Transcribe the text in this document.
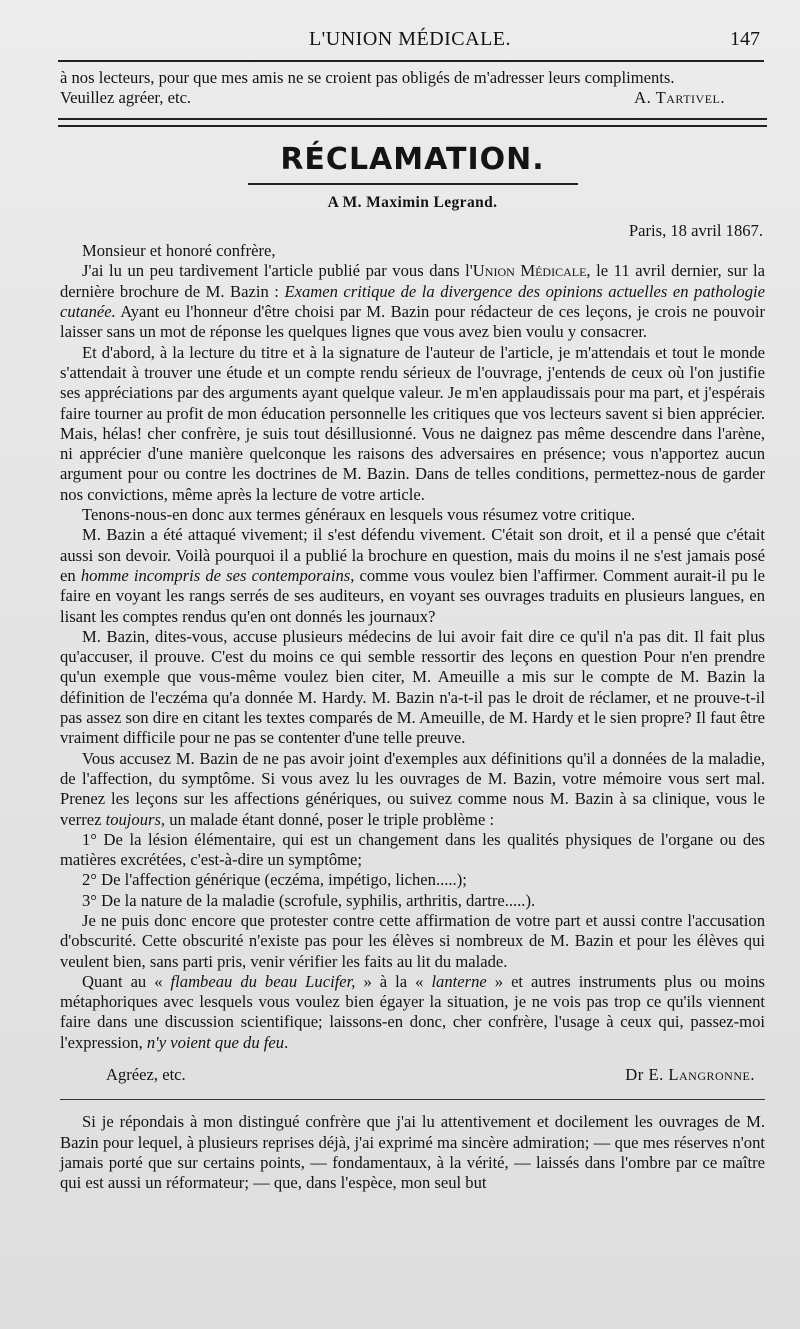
L'UNION MÉDICALE.	147

à nos lecteurs, pour que mes amis ne se croient pas obligés de m'adresser leurs compliments.

Veuillez agréer, etc.	A. Tartivel.
RÉCLAMATION.
A M. Maximin Legrand.
Paris, 18 avril 1867.

Monsieur et honoré confrère,

J'ai lu un peu tardivement l'article publié par vous dans l'Union Médicale, le 11 avril dernier, sur la dernière brochure de M. Bazin : Examen critique de la divergence des opinions actuelles en pathologie cutanée. Ayant eu l'honneur d'être choisi par M. Bazin pour rédacteur de ces leçons, je crois ne pouvoir laisser sans un mot de réponse les quelques lignes que vous avez bien voulu y consacrer.

Et d'abord, à la lecture du titre et à la signature de l'auteur de l'article, je m'attendais et tout le monde s'attendait à trouver une étude et un compte rendu sérieux de l'ouvrage, j'entends de ceux où l'on justifie ses appréciations par des arguments ayant quelque valeur. Je m'en applaudissais pour ma part, et j'espérais faire tourner au profit de mon éducation personnelle les critiques que vos lecteurs savent si bien apprécier. Mais, hélas! cher confrère, je suis tout désillusionné. Vous ne daignez pas même descendre dans l'arène, ni apprécier d'une manière quelconque les raisons des adversaires en présence; vous n'apportez aucun argument pour ou contre les doctrines de M. Bazin. Dans de telles conditions, permettez-nous de garder nos convictions, même après la lecture de votre article.

Tenons-nous-en donc aux termes généraux en lesquels vous résumez votre critique.

M. Bazin a été attaqué vivement; il s'est défendu vivement. C'était son droit, et il a pensé que c'était aussi son devoir. Voilà pourquoi il a publié la brochure en question, mais du moins il ne s'est jamais posé en homme incompris de ses contemporains, comme vous voulez bien l'affirmer. Comment aurait-il pu le faire en voyant les rangs serrés de ses auditeurs, en voyant ses ouvrages traduits en plusieurs langues, en lisant les comptes rendus qu'en ont donnés les journaux?

M. Bazin, dites-vous, accuse plusieurs médecins de lui avoir fait dire ce qu'il n'a pas dit. Il fait plus qu'accuser, il prouve. C'est du moins ce qui semble ressortir des leçons en question Pour n'en prendre qu'un exemple que vous-même voulez bien citer, M. Ameuille a mis sur le compte de M. Bazin la définition de l'eczéma qu'a donnée M. Hardy. M. Bazin n'a-t-il pas le droit de réclamer, et ne prouve-t-il pas assez son dire en citant les textes comparés de M. Ameuille, de M. Hardy et le sien propre? Il faut être vraiment difficile pour ne pas se contenter d'une telle preuve.

Vous accusez M. Bazin de ne pas avoir joint d'exemples aux définitions qu'il a données de la maladie, de l'affection, du symptôme. Si vous avez lu les ouvrages de M. Bazin, votre mémoire vous sert mal. Prenez les leçons sur les affections génériques, ou suivez comme nous M. Bazin à sa clinique, vous le verrez toujours, un malade étant donné, poser le triple problème :

1° De la lésion élémentaire, qui est un changement dans les qualités physiques de l'organe ou des matières excrétées, c'est-à-dire un symptôme;

2° De l'affection générique (eczéma, impétigo, lichen.....);

3° De la nature de la maladie (scrofule, syphilis, arthritis, dartre.....).

Je ne puis donc encore que protester contre cette affirmation de votre part et aussi contre l'accusation d'obscurité. Cette obscurité n'existe pas pour les élèves si nombreux de M. Bazin et pour les élèves qui veulent bien, sans parti pris, venir vérifier les faits au lit du malade.

Quant au « flambeau du beau Lucifer, » à la « lanterne » et autres instruments plus ou moins métaphoriques avec lesquels vous voulez bien égayer la situation, je ne vois pas trop ce qu'ils viennent faire dans une discussion scientifique; laissons-en donc, cher confrère, l'usage à ceux qui, passez-moi l'expression, n'y voient que du feu.

Agréez, etc.	Dr E. Langronne.

Si je répondais à mon distingué confrère que j'ai lu attentivement et docilement les ouvrages de M. Bazin pour lequel, à plusieurs reprises déjà, j'ai exprimé ma sincère admiration; — que mes réserves n'ont jamais porté que sur certains points, — fondamentaux, à la vérité, — laissés dans l'ombre par ce maître qui est aussi un réformateur; — que, dans l'espèce, mon seul but
